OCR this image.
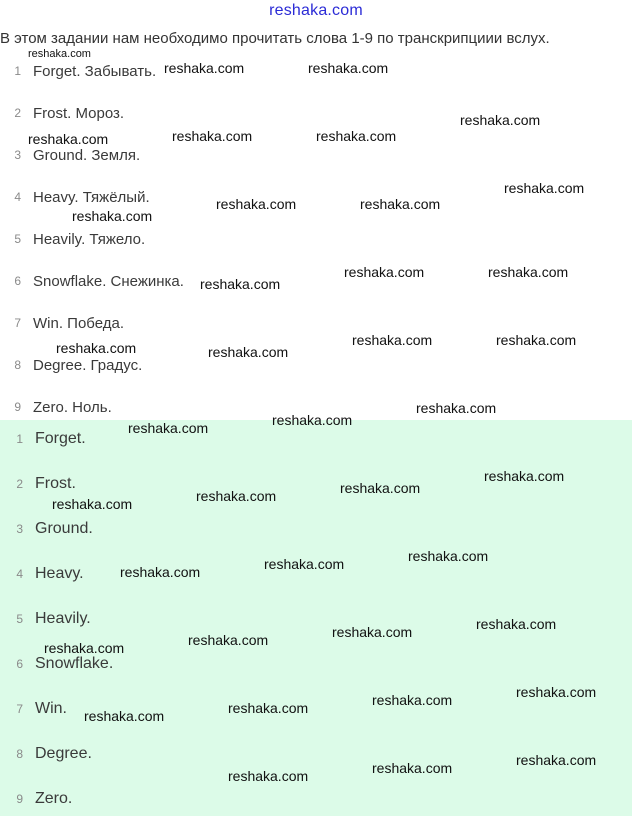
reshaka.com
В этом задании нам необходимо прочитать слова 1-9 по транскрипциии вслух.
1 Forget. Забывать.
2 Frost. Мороз.
3 Ground. Земля.
4 Heavy. Тяжёлый.
5 Heavily. Тяжело.
6 Snowflake. Снежинка.
7 Win. Победа.
8 Degree. Градус.
9 Zero. Ноль.
1 Forget.
2 Frost.
3 Ground.
4 Heavy.
5 Heavily.
6 Snowflake.
7 Win.
8 Degree.
9 Zero.
reshaka.com
reshaka.com	reshaka.com
reshaka.com
reshaka.com	reshaka.com	reshaka.com
reshaka.com
reshaka.com	reshaka.com
reshaka.com
reshaka.com	reshaka.com
reshaka.com
reshaka.com	reshaka.com
reshaka.com	reshaka.com
reshaka.com
reshaka.com
reshaka.com
reshaka.com
reshaka.com
reshaka.com
reshaka.com
reshaka.com
reshaka.com
reshaka.com
reshaka.com
reshaka.com
reshaka.com
reshaka.com
reshaka.com
reshaka.com
reshaka.com
reshaka.com
reshaka.com
reshaka.com
reshaka.com
